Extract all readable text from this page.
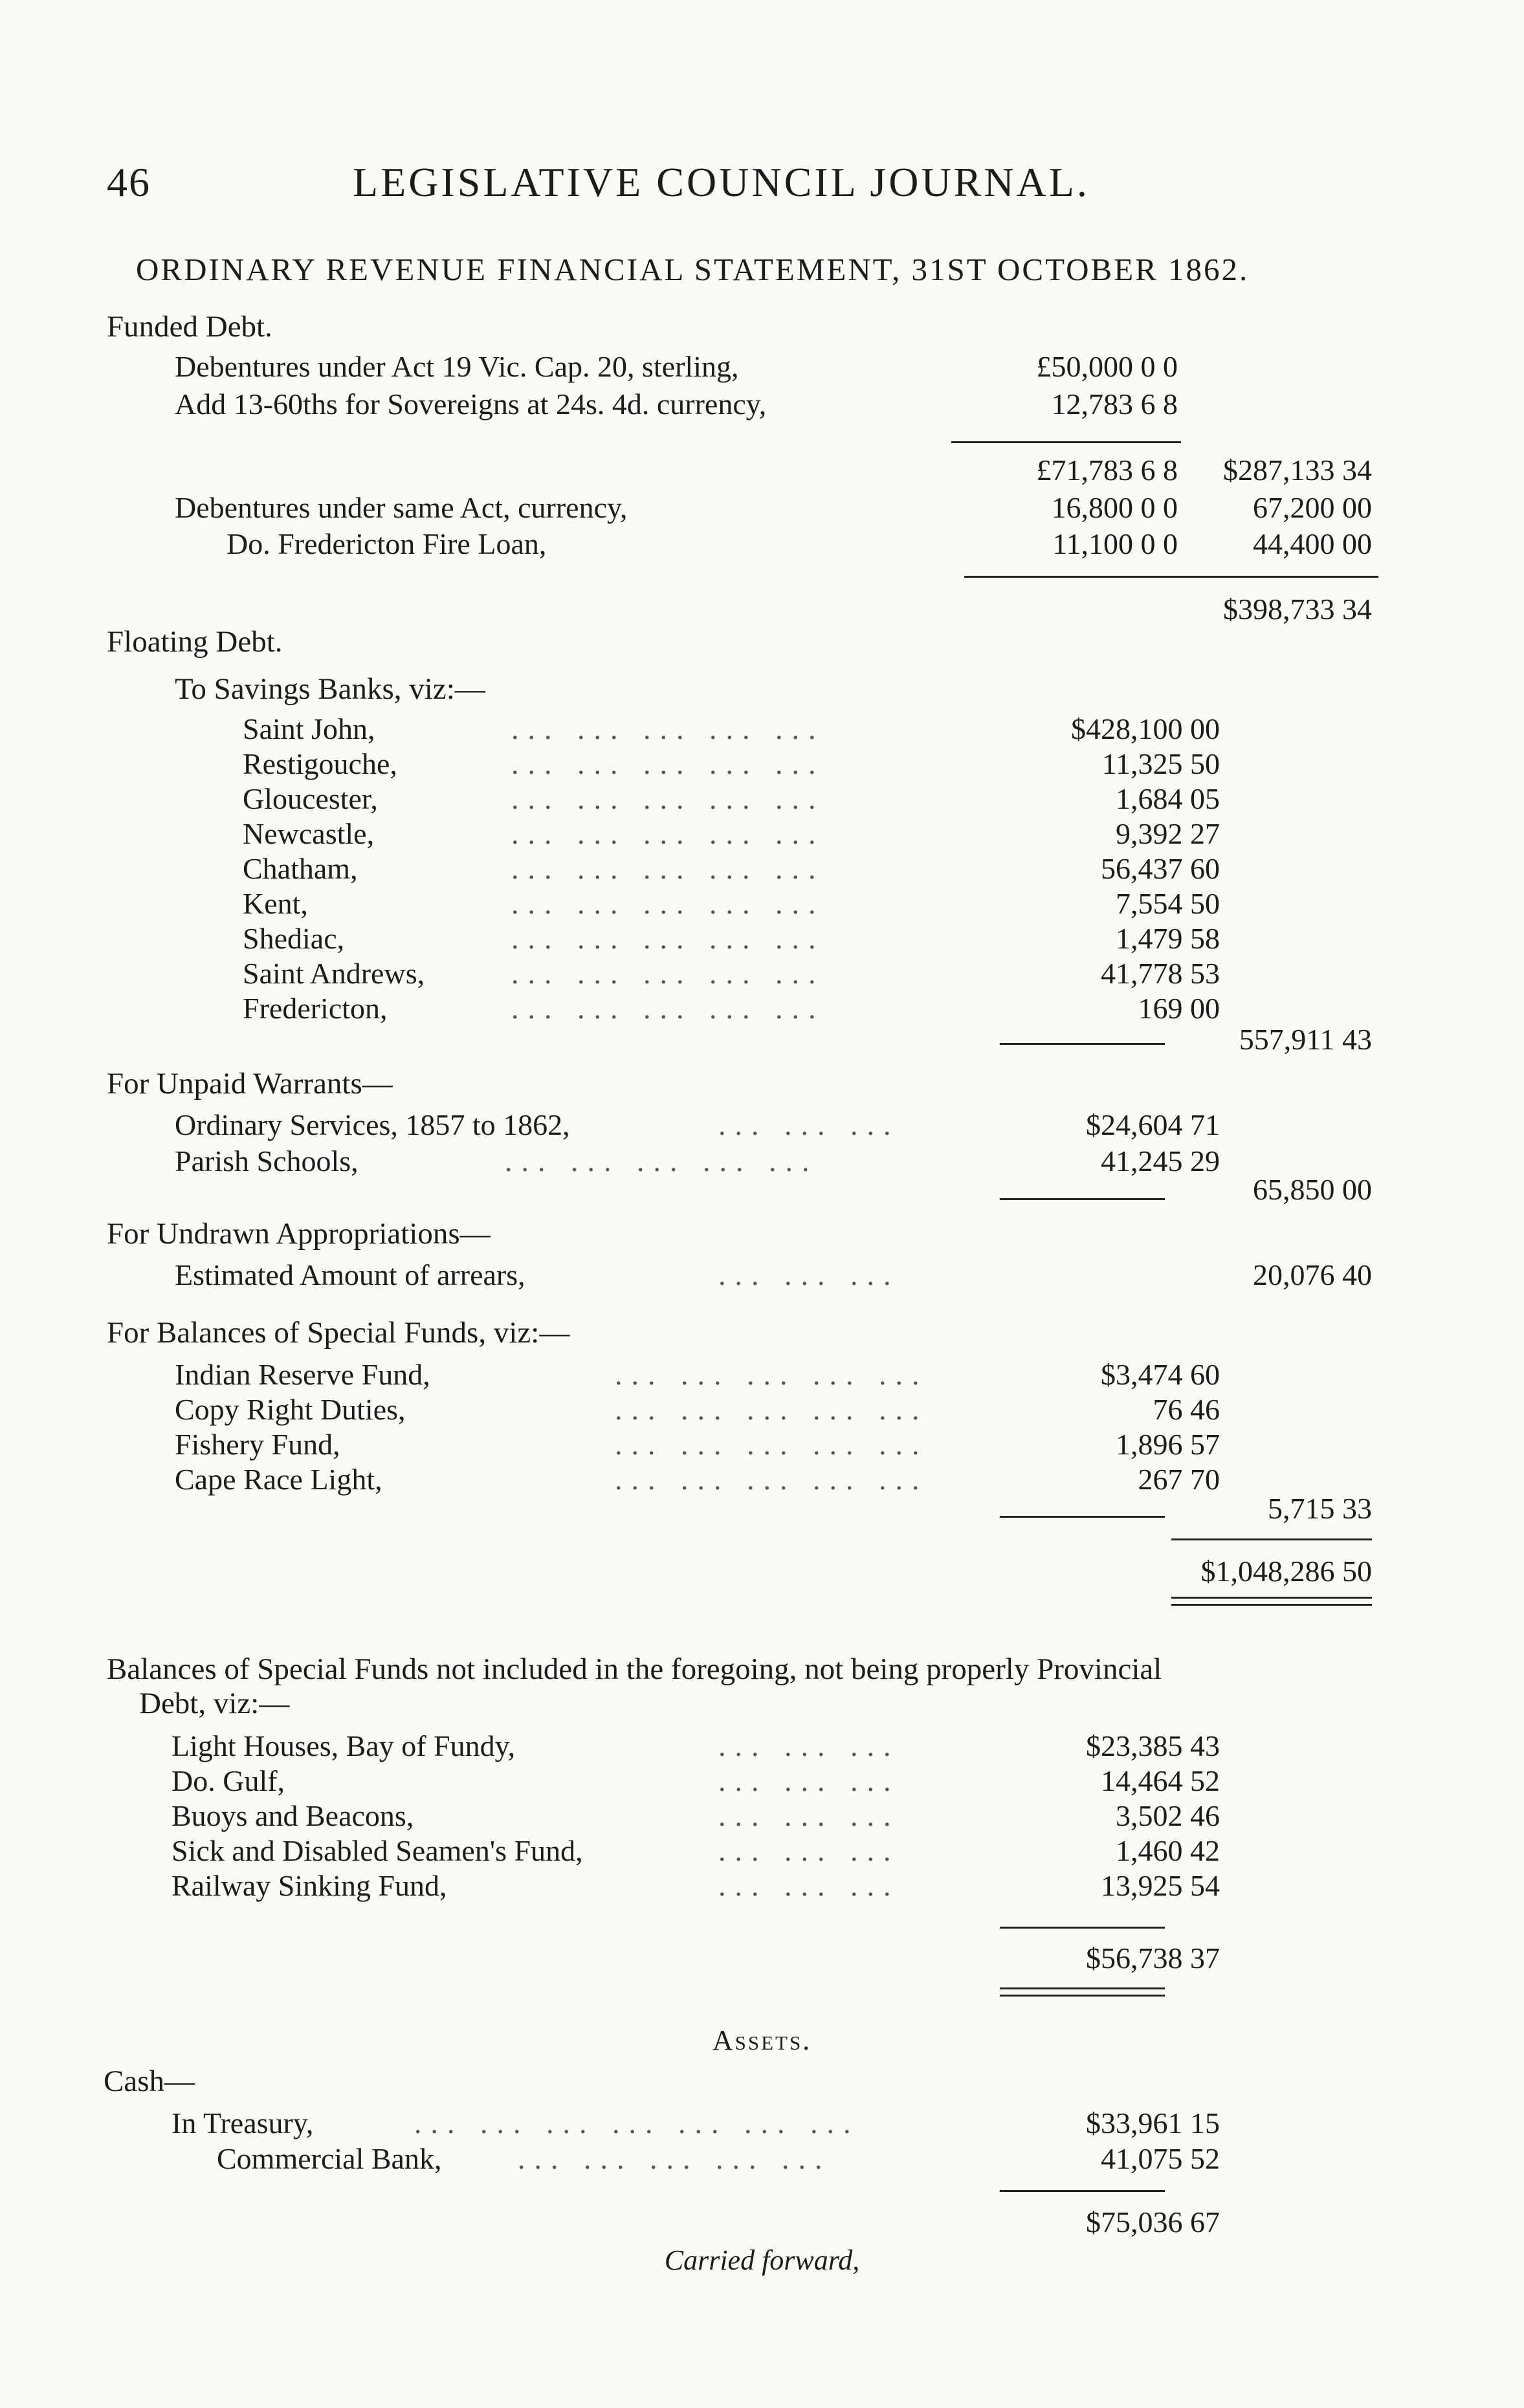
46	LEGISLATIVE COUNCIL JOURNAL.
ORDINARY REVENUE FINANCIAL STATEMENT, 31ST OCTOBER 1862.
Funded Debt.
Debentures under Act 19 Vic. Cap. 20, sterling,	£50,000 0 0
Add 13-60ths for Sovereigns at 24s. 4d. currency,	12,783 6 8
£71,783 6 8 $287,133 34
Debentures under same Act, currency,	16,800 0 0	67,200 00
Do. Fredericton Fire Loan,	11,100 0 0	44,400 00
$398,733 34
Floating Debt.
To Savings Banks, viz:—
Saint John,	... ... ... ... ...	$428,100 00
Restigouche,	... ... ... ... ...	11,325 50
Gloucester,	... ... ... ... ...	1,684 05
Newcastle,	... ... ... ... ...	9,392 27
Chatham,	... ... ... ... ...	56,437 60
Kent,	... ... ... ... ...	7,554 50
Shediac,	... ... ... ... ...	1,479 58
Saint Andrews,	... ... ... ... ...	41,778 53
Fredericton,	... ... ... ... ...	169 00
557,911 43
For Unpaid Warrants—
Ordinary Services, 1857 to 1862,	... ... ...	$24,604 71
Parish Schools,	... ... ... ... ...	41,245 29
65,850 00
For Undrawn Appropriations—
Estimated Amount of arrears,	... ... ...	20,076 40
For Balances of Special Funds, viz:—
Indian Reserve Fund,	... ... ... ... ...	$3,474 60
Copy Right Duties,	... ... ... ... ...	76 46
Fishery Fund,	... ... ... ... ...	1,896 57
Cape Race Light,	... ... ... ... ...	267 70
5,715 33
$1,048,286 50
Balances of Special Funds not included in the foregoing, not being properly Provincial
Debt, viz:—
Light Houses, Bay of Fundy,	... ... ...	$23,385 43
Do. Gulf,	... ... ...	14,464 52
Buoys and Beacons,	... ... ...	3,502 46
Sick and Disabled Seamen's Fund,	... ... ...	1,460 42
Railway Sinking Fund,	... ... ...	13,925 54
$56,738 37
Assets.
Cash—
In Treasury,	... ... ... ... ... ... ...	$33,961 15
Commercial Bank,	... ... ... ... ...	41,075 52
$75,036 67
Carried forward,
